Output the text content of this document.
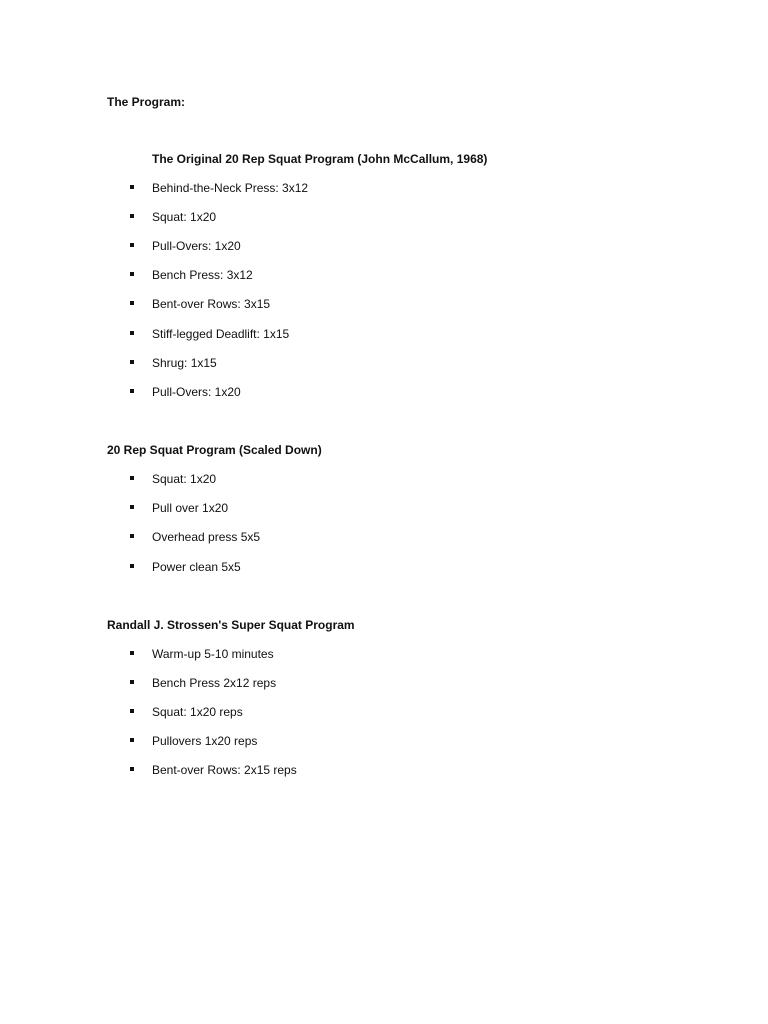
The Program:
The Original 20 Rep Squat Program (John McCallum, 1968)
Behind-the-Neck Press: 3x12
Squat: 1x20
Pull-Overs: 1x20
Bench Press: 3x12
Bent-over Rows: 3x15
Stiff-legged Deadlift: 1x15
Shrug: 1x15
Pull-Overs: 1x20
20 Rep Squat Program (Scaled Down)
Squat: 1x20
Pull over 1x20
Overhead press 5x5
Power clean 5x5
Randall J. Strossen's Super Squat Program
Warm-up 5-10 minutes
Bench Press 2x12 reps
Squat: 1x20 reps
Pullovers 1x20 reps
Bent-over Rows: 2x15 reps
